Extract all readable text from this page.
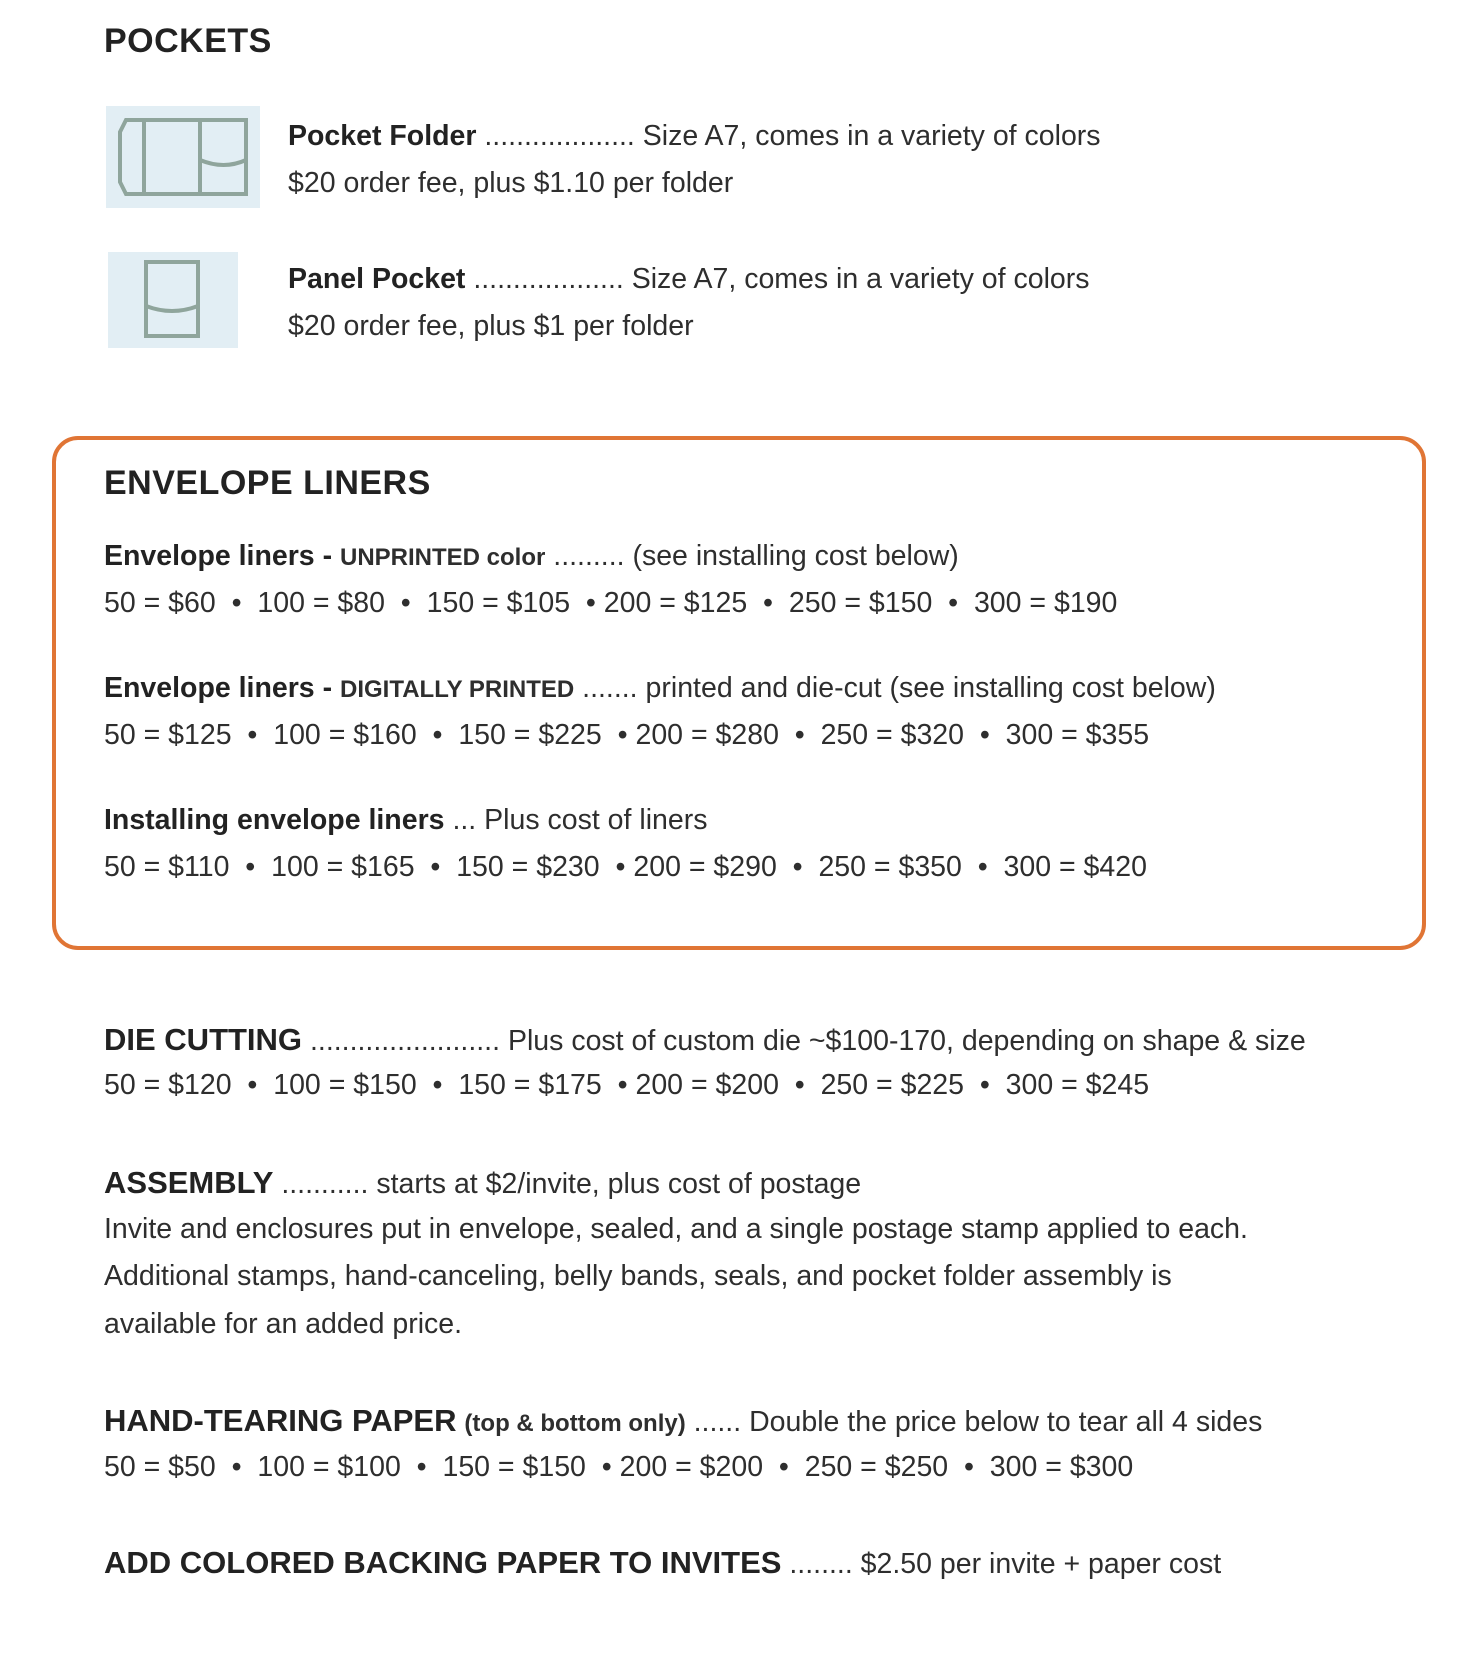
POCKETS
Pocket Folder ................... Size A7, comes in a variety of colors
$20 order fee, plus $1.10 per folder
Panel Pocket ................... Size A7, comes in a variety of colors
$20 order fee, plus $1 per folder
ENVELOPE LINERS
Envelope liners - UNPRINTED color ......... (see installing cost below)
50 = $60  •  100 = $80  •  150 = $105  • 200 = $125  •  250 = $150  •  300 = $190
Envelope liners - DIGITALLY PRINTED ....... printed and die-cut (see installing cost below)
50 = $125  •  100 = $160  •  150 = $225  • 200 = $280  •  250 = $320  •  300 = $355
Installing envelope liners ... Plus cost of liners
50 = $110  •  100 = $165  •  150 = $230  • 200 = $290  •  250 = $350  •  300 = $420
DIE CUTTING ........................ Plus cost of custom die ~$100-170, depending on shape & size
50 = $120  •  100 = $150  •  150 = $175  • 200 = $200  •  250 = $225  •  300 = $245
ASSEMBLY ........... starts at $2/invite, plus cost of postage
Invite and enclosures put in envelope, sealed, and a single postage stamp applied to each.
Additional stamps, hand-canceling, belly bands, seals, and pocket folder assembly is
available for an added price.
HAND-TEARING PAPER (top & bottom only) ...... Double the price below to tear all 4 sides
50 = $50  •  100 = $100  •  150 = $150  • 200 = $200  •  250 = $250  •  300 = $300
ADD COLORED BACKING PAPER TO INVITES ........ $2.50 per invite + paper cost
